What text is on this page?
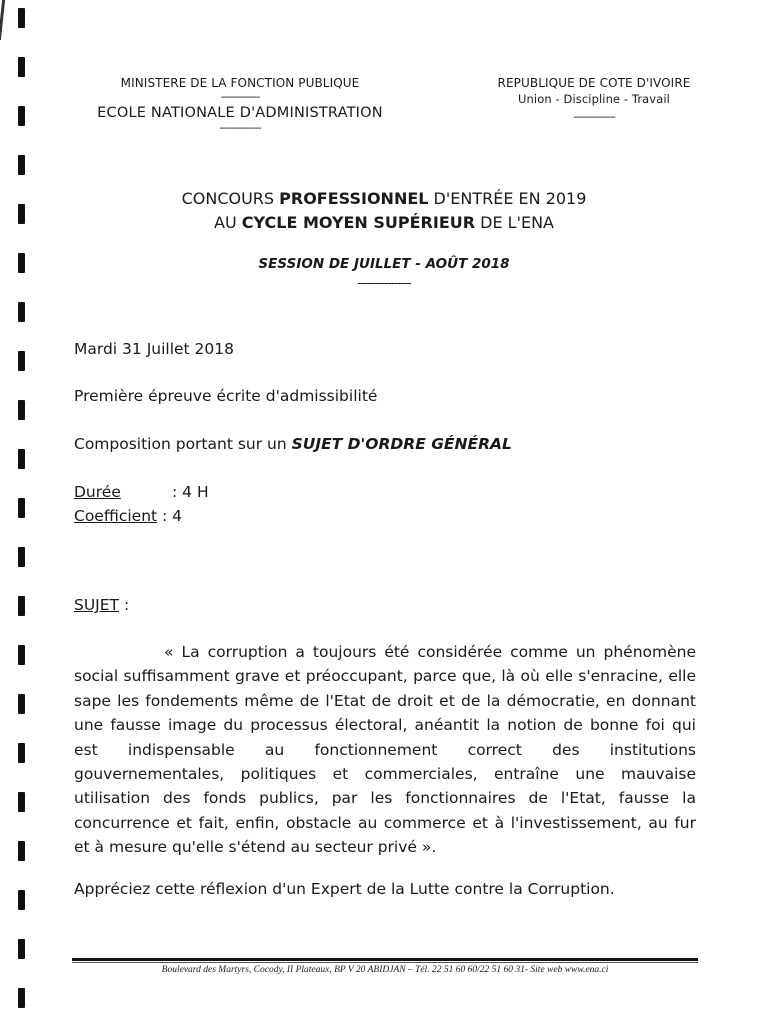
MINISTERE DE LA FONCTION PUBLIQUE
-------------
ECOLE NATIONALE D'ADMINISTRATION
--------------
REPUBLIQUE DE COTE D'IVOIRE
Union - Discipline - Travail
--------------
CONCOURS PROFESSIONNEL D'ENTRÉE EN 2019
AU CYCLE MOYEN SUPÉRIEUR DE L'ENA
SESSION DE JUILLET - AOÛT 2018
----------------
Mardi 31 Juillet 2018
Première épreuve écrite d'admissibilité
Composition portant sur un SUJET D'ORDRE GÉNÉRAL
Durée	: 4 H
Coefficient : 4
SUJET :

« La corruption a toujours été considérée comme un phénomène social suffisamment grave et préoccupant, parce que, là où elle s'enracine, elle sape les fondements même de l'Etat de droit et de la démocratie, en donnant une fausse image du processus électoral, anéantit la notion de bonne foi qui est indispensable au fonctionnement correct des institutions gouvernementales, politiques et commerciales, entraîne une mauvaise utilisation des fonds publics, par les fonctionnaires de l'Etat, fausse la concurrence et fait, enfin, obstacle au commerce et à l'investissement, au fur et à mesure qu'elle s'étend au secteur privé ».

Appréciez cette réflexion d'un Expert de la Lutte contre la Corruption.
Boulevard des Martyrs, Cocody, II Plateaux, BP V 20 ABIDJAN – Tél. 22 51 60 60/22 51 60 31- Site web www.ena.ci
